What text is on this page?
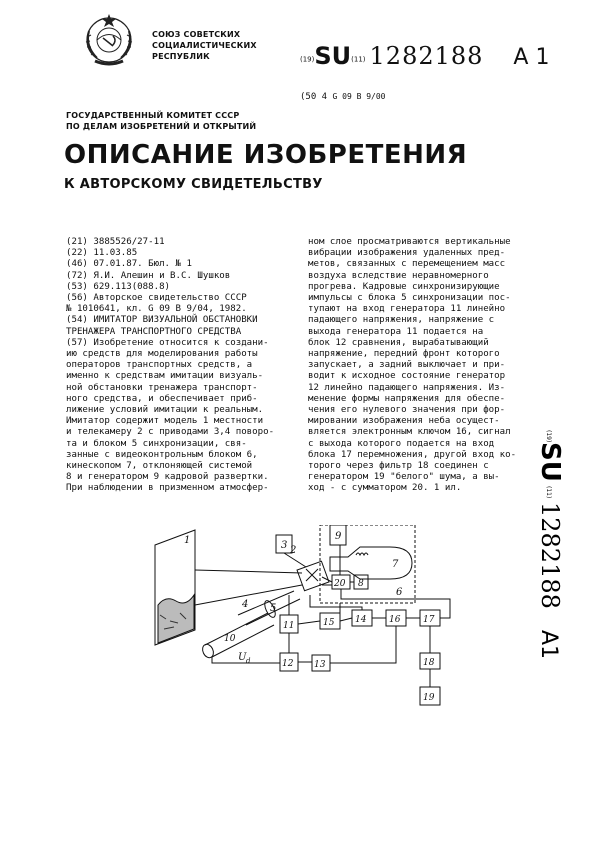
СОЮЗ СОВЕТСКИХ
СОЦИАЛИСТИЧЕСКИХ
РЕСПУБЛИК	(19)SU(11) 1282188 A 1
(50 4 G 09 B 9/00
ГОСУДАРСТВЕННЫЙ КОМИТЕТ СССР
ПО ДЕЛАМ ИЗОБРЕТЕНИЙ И ОТКРЫТИЙ
ОПИСАНИЕ ИЗОБРЕТЕНИЯ
К АВТОРСКОМУ СВИДЕТЕЛЬСТВУ
(21) 3885526/27-11
(22) 11.03.85
(46) 07.01.87. Бюл. № 1
(72) Я.И. Алешин и В.С. Шушков
(53) 629.113(088.8)
(56) Авторское свидетельство СССР
№ 1010641, кл. G 09 B 9/04, 1982.
(54) ИМИТАТОР ВИЗУАЛЬНОЙ ОБСТАНОВКИ
ТРЕНАЖЕРА ТРАНСПОРТНОГО СРЕДСТВА
(57) Изобретение относится к создани-
ию средств для моделирования работы
операторов транспортных средств, а
именно к средствам имитации визуаль-
ной обстановки тренажера транспорт-
ного средства, и обеспечивает приб-
лижение условий имитации к реальным.
Имитатор содержит модель 1 местности
и телекамеру 2 с приводами 3,4 поворо-
та и блоком 5 синхронизации, свя-
занные с видеоконтрольным блоком 6,
кинескопом 7, отклоняющей системой
8 и генератором 9 кадровой развертки.
При наблюдении в призменном атмосфер-
ном слое просматриваются вертикальные
вибрации изображения удаленных пред-
метов, связанных с перемещением масс
воздуха вследствие неравномерного
прогрева. Кадровые синхронизирующие
импульсы с блока 5 синхронизации пос-
тупают на вход генератора 11 линейно
падающего напряжения, напряжение с
выхода генератора 11 подается на
блок 12 сравнения, вырабатывающий
напряжение, передний фронт которого
запускает, а задний выключает и при-
водит к исходное состояние генератор
12 линейно падающего напряжения. Из-
менение формы напряжения для обеспе-
чения его нулевого значения при фор-
мировании изображения неба осущест-
вляется электронным ключом 16, сигнал
с выхода которого подается на вход
блока 17 перемножения, другой вход ко-
торого через фильтр 18 соединен с
генератором 19 "белого" шума, а вы-
ход - с сумматором 20. 1 ил.
(19)
SU
(11)
1282188
A1
1
2
3
4 5
10
6
7
9
8
20
11	15 14	16	17
12 13	18
19
U d
